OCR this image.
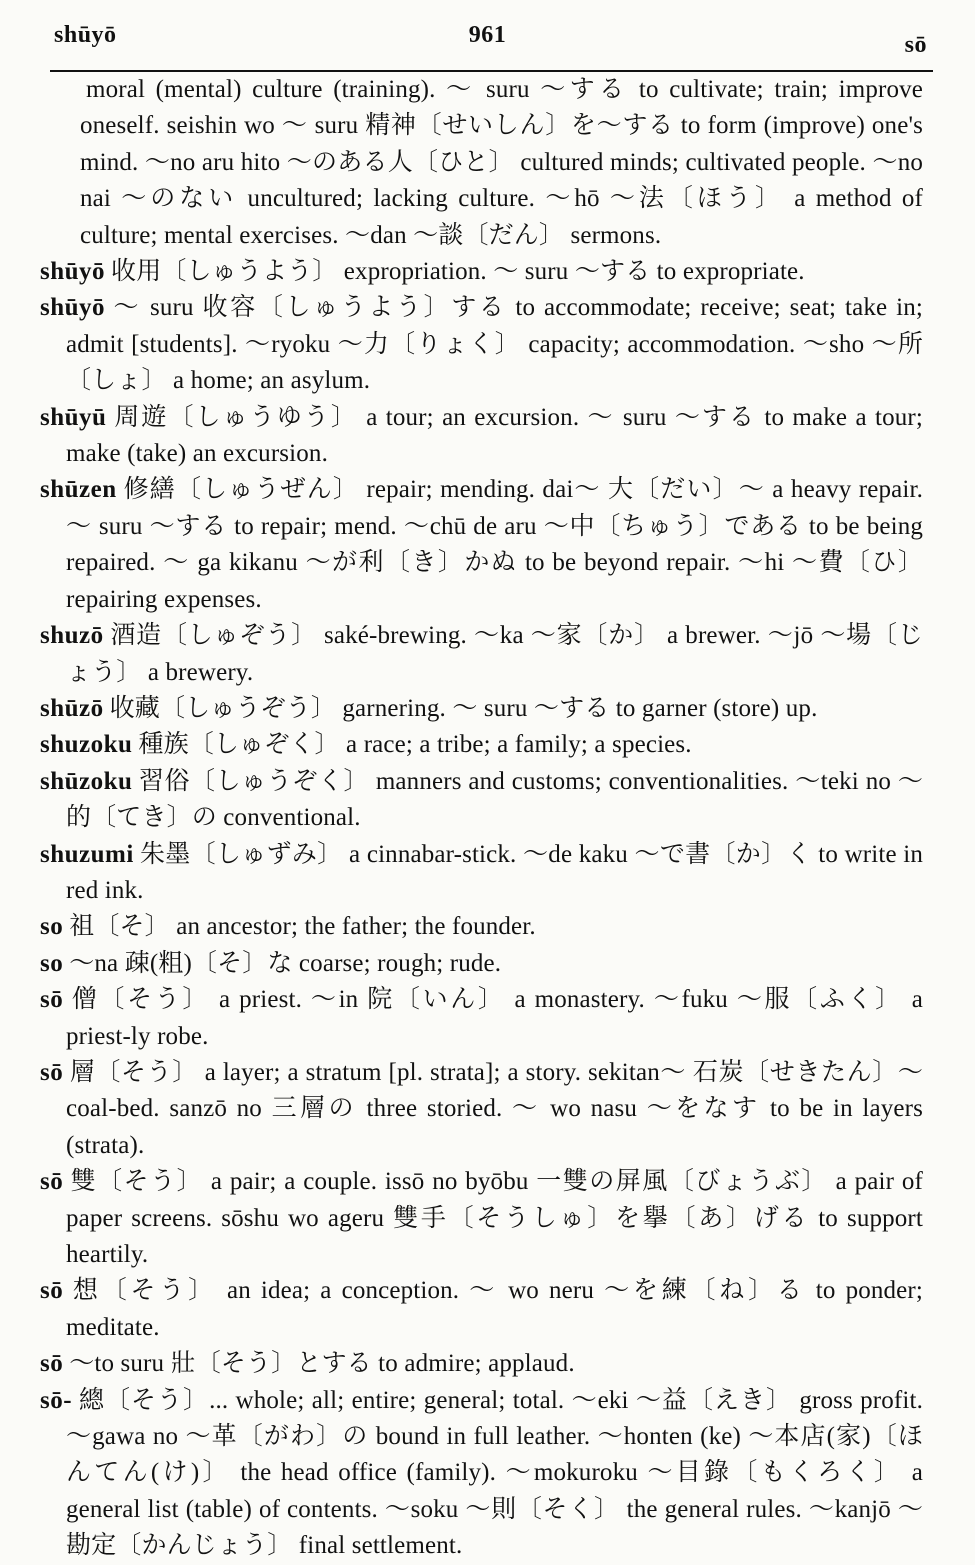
shūyō	961	sō

moral (mental) culture (training). ～ suru ～する to cultivate; train; improve oneself. seishin wo ～ suru 精神〔せいしん〕を～する to form (improve) one's mind. ～no aru hito ～のある人〔ひと〕 cultured minds; cultivated people. ～no nai ～のない uncultured; lacking culture. ～hō ～法〔ほう〕 a method of culture; mental exercises. ～dan ～談〔だん〕 sermons.

shūyō 收用〔しゅうよう〕 expropriation. ～ suru ～する to expropriate.

shūyō ～ suru 收容〔しゅうよう〕する to accommodate; receive; seat; take in; admit [students]. ～ryoku ～力〔りょく〕 capacity; accommodation. ～sho ～所〔しょ〕 a home; an asylum.

shūyū 周遊〔しゅうゆう〕 a tour; an excursion. ～ suru ～する to make a tour; make (take) an excursion.

shūzen 修繕〔しゅうぜん〕 repair; mending. dai～ 大〔だい〕～ a heavy repair. ～ suru ～する to repair; mend. ～chū de aru ～中〔ちゅう〕である to be being repaired. ～ ga kikanu ～が利〔き〕かぬ to be beyond repair. ～hi ～費〔ひ〕 repairing expenses.

shuzō 酒造〔しゅぞう〕 saké-brewing. ～ka ～家〔か〕 a brewer. ～jō ～場〔じょう〕 a brewery.

shūzō 收藏〔しゅうぞう〕 garnering. ～ suru ～する to garner (store) up.

shuzoku 種族〔しゅぞく〕 a race; a tribe; a family; a species.

shūzoku 習俗〔しゅうぞく〕 manners and customs; conventionalities. ～teki no ～的〔てき〕の conventional.

shuzumi 朱墨〔しゅずみ〕 a cinnabar-stick. ～de kaku ～で書〔か〕く to write in red ink.

so 祖〔そ〕 an ancestor; the father; the founder.

so ～na 疎(粗)〔そ〕な coarse; rough; rude.

sō 僧〔そう〕 a priest. ～in 院〔いん〕 a monastery. ～fuku ～服〔ふく〕 a priest-ly robe.

sō 層〔そう〕 a layer; a stratum [pl. strata]; a story. sekitan～ 石炭〔せきたん〕～ coal-bed. sanzō no 三層の three storied. ～ wo nasu ～をなす to be in layers (strata).

sō 雙〔そう〕 a pair; a couple. issō no byōbu 一雙の屏風〔びょうぶ〕 a pair of paper screens. sōshu wo ageru 雙手〔そうしゅ〕を擧〔あ〕げる to support heartily.

sō 想〔そう〕 an idea; a conception. ～ wo neru ～を練〔ね〕る to ponder; meditate.

sō ～to suru 壯〔そう〕とする to admire; applaud.

sō- 總〔そう〕... whole; all; entire; general; total. ～eki ～益〔えき〕 gross profit. ～gawa no ～革〔がわ〕の bound in full leather. ～honten (ke) ～本店(家)〔ほんてん(け)〕 the head office (family). ～mokuroku ～目錄〔もくろく〕 a general list (table) of contents. ～soku ～則〔そく〕 the general rules. ～kanjō ～勘定〔かんじょう〕 final settlement.
